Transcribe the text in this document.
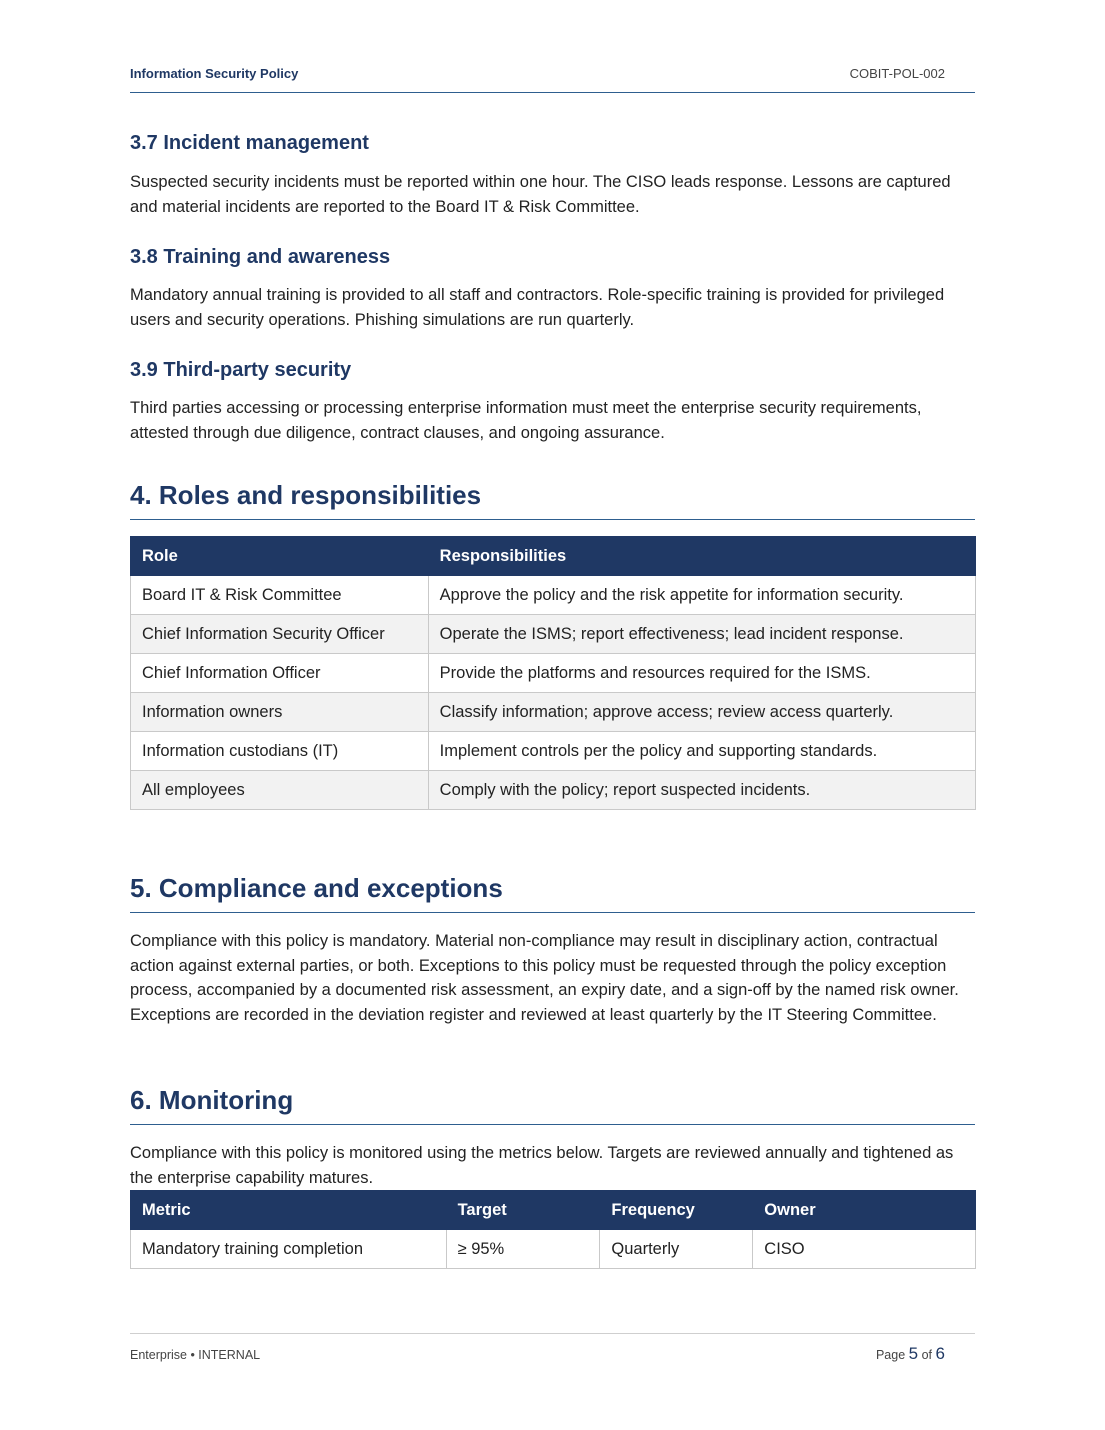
Information Security Policy	COBIT-POL-002
3.7 Incident management

Suspected security incidents must be reported within one hour. The CISO leads response. Lessons are captured and material incidents are reported to the Board IT & Risk Committee.

3.8 Training and awareness

Mandatory annual training is provided to all staff and contractors. Role-specific training is provided for privileged users and security operations. Phishing simulations are run quarterly.

3.9 Third-party security

Third parties accessing or processing enterprise information must meet the enterprise security requirements, attested through due diligence, contract clauses, and ongoing assurance.

4. Roles and responsibilities
Role	Responsibilities
Board IT & Risk Committee	Approve the policy and the risk appetite for information security.
Chief Information Security Officer	Operate the ISMS; report effectiveness; lead incident response.
Chief Information Officer	Provide the platforms and resources required for the ISMS.
Information owners	Classify information; approve access; review access quarterly.
Information custodians (IT)	Implement controls per the policy and supporting standards.
All employees	Comply with the policy; report suspected incidents.
5. Compliance and exceptions

Compliance with this policy is mandatory. Material non-compliance may result in disciplinary action, contractual action against external parties, or both. Exceptions to this policy must be requested through the policy exception process, accompanied by a documented risk assessment, an expiry date, and a sign-off by the named risk owner. Exceptions are recorded in the deviation register and reviewed at least quarterly by the IT Steering Committee.

6. Monitoring

Compliance with this policy is monitored using the metrics below. Targets are reviewed annually and tightened as the enterprise capability matures.

Metric	Target	Frequency	Owner
Mandatory training completion	≥ 95%	Quarterly	CISO
Enterprise • INTERNAL	Page 5 of 6
